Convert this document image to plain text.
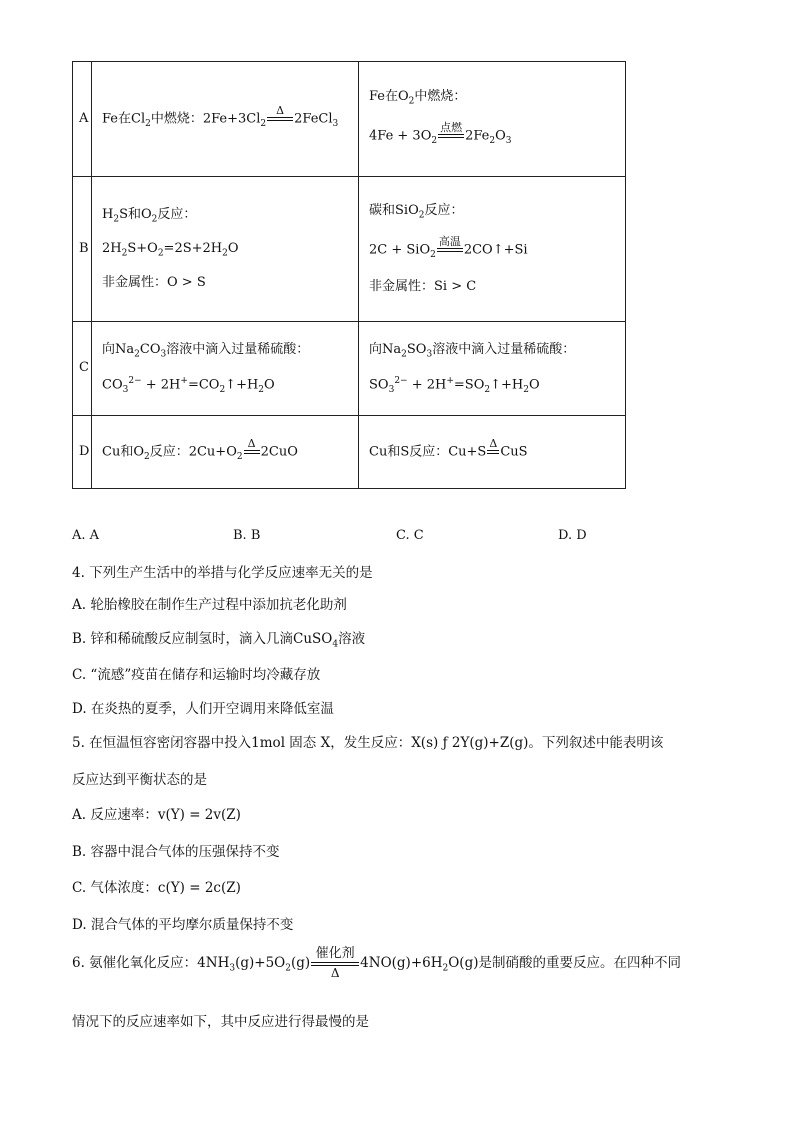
A	Fe在$Cl_2$中燃烧：$2Fe+3Cl_2$
Δ
2FeCl$_3$	Fe在$O_2$中燃烧：
$4Fe + 3O_2$
点燃
$2Fe_2O_3$

B	$H_2S$和$O_2$反应：
$2H_2S+O_2=2S+2H_2O$
非金属性：O > S	碳和SiO$_2$反应：
2C + SiO$_2$
高温
2CO↑+Si
非金属性：Si > C

C	向$Na_2CO_3$溶液中滴入过量稀硫酸：
$CO_3^{2-}$ + $2H^+=CO_2↑+H_2O$	向$Na_2SO_3$溶液中滴入过量稀硫酸：
$SO_3^{2-}$ + $2H^+=SO_2↑+H_2O$

D	Cu和$O_2$反应：$2Cu+O_2$
Δ
2CuO	Cu和S反应：Cu+S
Δ
CuS
A. A	B. B	C. C	D. D
4. 下列生产生活中的举措与化学反应速率无关的是
A. 轮胎橡胶在制作生产过程中添加抗老化助剂
B. 锌和稀硫酸反应制氢时，滴入几滴CuSO$_4$溶液
C. “流感”疫苗在储存和运输时均冷藏存放
D. 在炎热的夏季，人们开空调用来降低室温
5. 在恒温恒容密闭容器中投入1mol 固态 X，发生反应：X(s) ƒ 2Y(g)+Z(g)。下列叙述中能表明该
反应达到平衡状态的是
A. 反应速率：v(Y) = 2v(Z)
B. 容器中混合气体的压强保持不变
C. 气体浓度：c(Y) = 2c(Z)
D. 混合气体的平均摩尔质量保持不变
6. 氨催化氧化反应：$4NH_3(g)+5O_2(g)$
催化剂
Δ
$4NO(g)+6H_2O(g)$是制硝酸的重要反应。在四种不同
情况下的反应速率如下，其中反应进行得最慢的是
